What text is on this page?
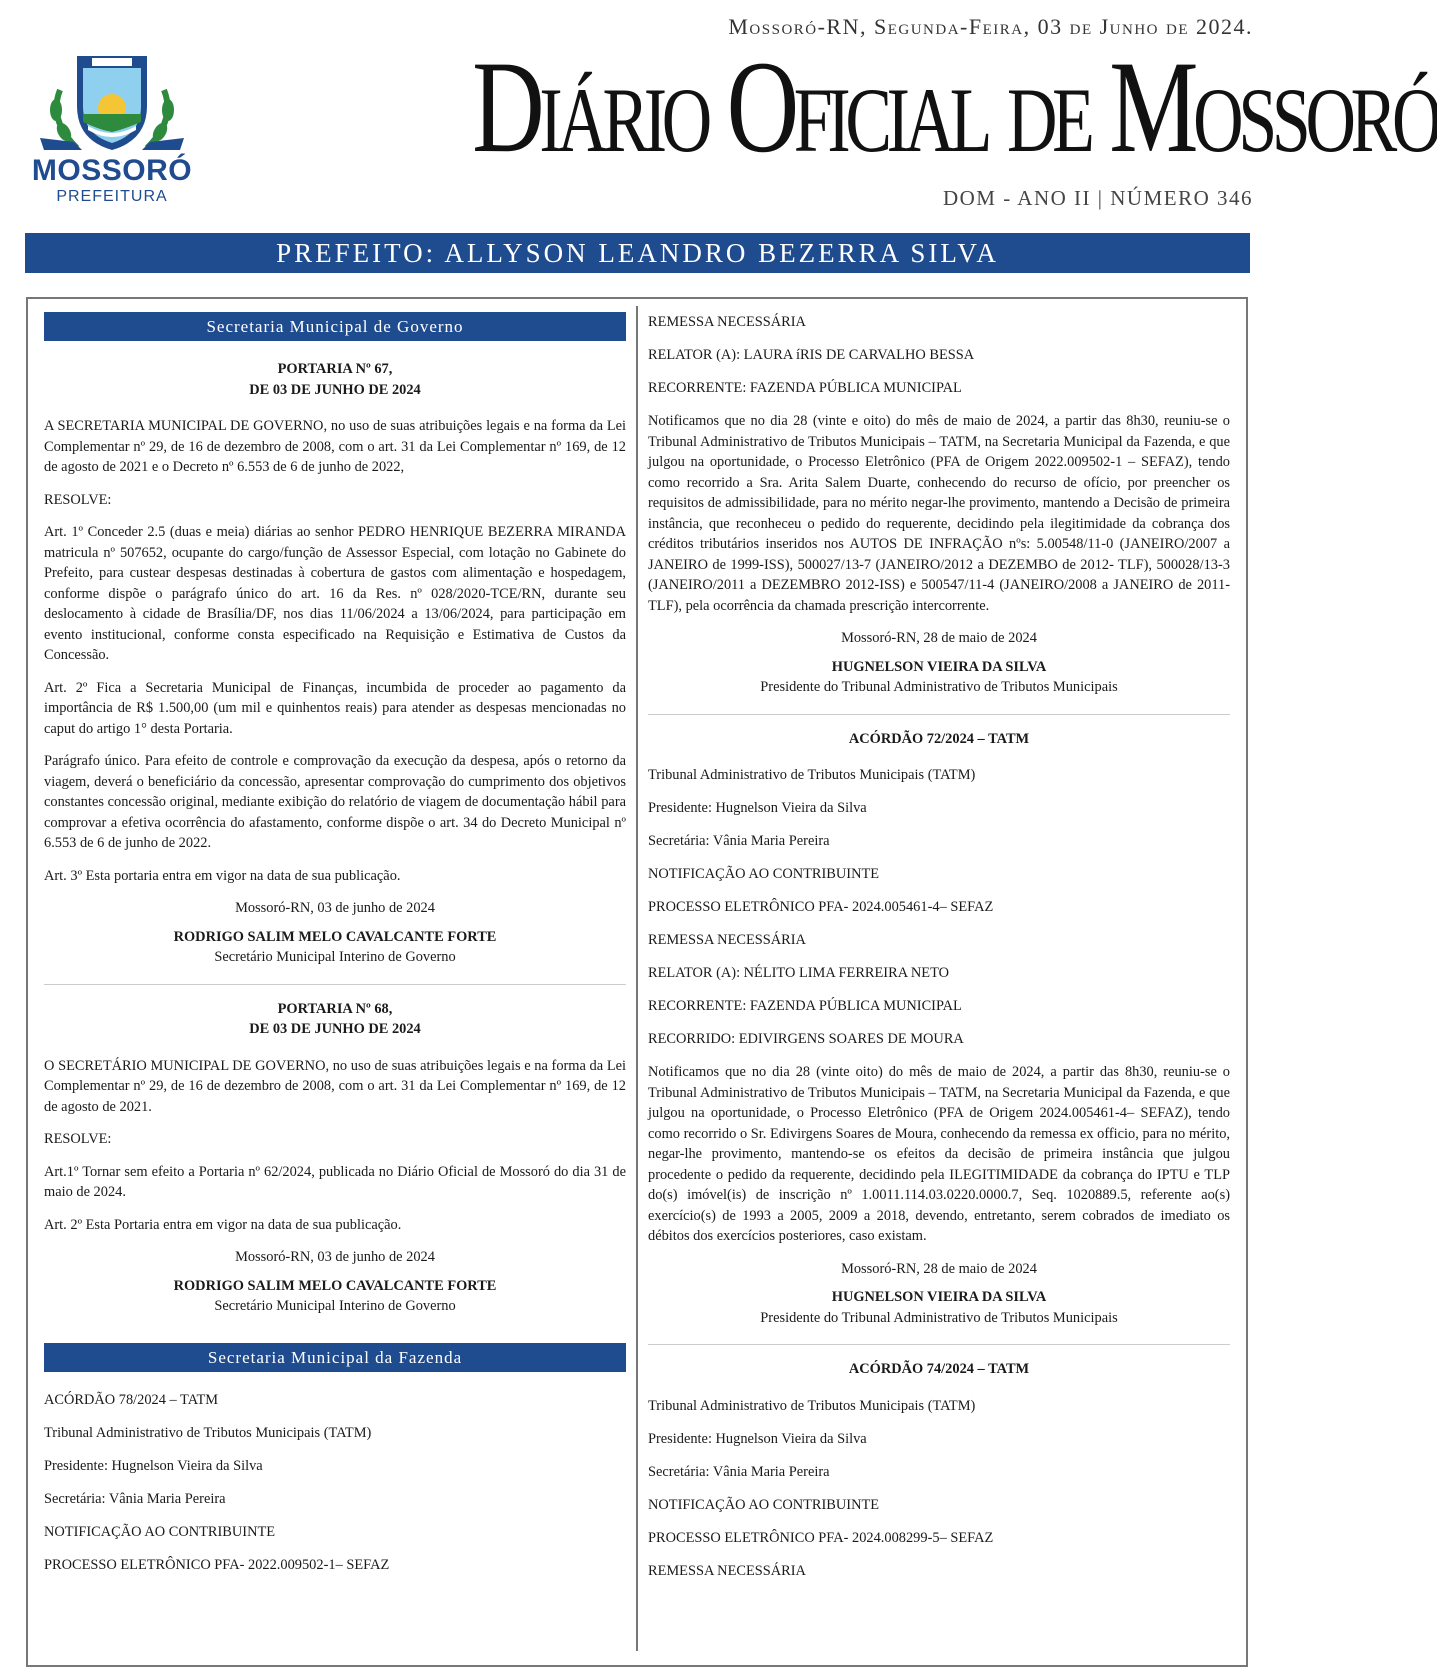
Mossoró-RN, Segunda-Feira, 03 de Junho de 2024.
MOSSORÓ
PREFEITURA
Diário Oficial de Mossoró
DOM - ANO II | NÚMERO 346
PREFEITO: ALLYSON LEANDRO BEZERRA SILVA
Secretaria Municipal de Governo
PORTARIA Nº 67,
DE 03 DE JUNHO DE 2024

A SECRETARIA MUNICIPAL DE GOVERNO, no uso de suas atribuições legais e na forma da Lei Complementar nº 29, de 16 de dezembro de 2008, com o art. 31 da Lei Complementar nº 169, de 12 de agosto de 2021 e o Decreto nº 6.553 de 6 de junho de 2022,

RESOLVE:

Art. 1º Conceder 2.5 (duas e meia) diárias ao senhor PEDRO HENRIQUE BEZERRA MIRANDA matricula nº 507652, ocupante do cargo/função de Assessor Especial, com lotação no Gabinete do Prefeito, para custear despesas destinadas à cobertura de gastos com alimentação e hospedagem, conforme dispõe o parágrafo único do art. 16 da Res. nº 028/2020-TCE/RN, durante seu deslocamento à cidade de Brasília/DF, nos dias 11/06/2024 a 13/06/2024, para participação em evento institucional, conforme consta especificado na Requisição e Estimativa de Custos da Concessão.

Art. 2º Fica a Secretaria Municipal de Finanças, incumbida de proceder ao pagamento da importância de R$ 1.500,00 (um mil e quinhentos reais) para atender as despesas mencionadas no caput do artigo 1° desta Portaria.

Parágrafo único. Para efeito de controle e comprovação da execução da despesa, após o retorno da viagem, deverá o beneficiário da concessão, apresentar comprovação do cumprimento dos objetivos constantes concessão original, mediante exibição do relatório de viagem de documentação hábil para comprovar a efetiva ocorrência do afastamento, conforme dispõe o art. 34 do Decreto Municipal nº 6.553 de 6 de junho de 2022.

Art. 3º Esta portaria entra em vigor na data de sua publicação.

Mossoró-RN, 03 de junho de 2024
RODRIGO SALIM MELO CAVALCANTE FORTE
Secretário Municipal Interino de Governo
PORTARIA Nº 68,
DE 03 DE JUNHO DE 2024

O SECRETÁRIO MUNICIPAL DE GOVERNO, no uso de suas atribuições legais e na forma da Lei Complementar nº 29, de 16 de dezembro de 2008, com o art. 31 da Lei Complementar nº 169, de 12 de agosto de 2021.

RESOLVE:

Art.1º Tornar sem efeito a Portaria nº 62/2024, publicada no Diário Oficial de Mossoró do dia 31 de maio de 2024.

Art. 2º Esta Portaria entra em vigor na data de sua publicação.

Mossoró-RN, 03 de junho de 2024
RODRIGO SALIM MELO CAVALCANTE FORTE
Secretário Municipal Interino de Governo
Secretaria Municipal da Fazenda

ACÓRDÃO 78/2024 – TATM

Tribunal Administrativo de Tributos Municipais (TATM)

Presidente: Hugnelson Vieira da Silva

Secretária: Vânia Maria Pereira

NOTIFICAÇÃO AO CONTRIBUINTE

PROCESSO ELETRÔNICO PFA- 2022.009502-1– SEFAZ

REMESSA NECESSÁRIA

RELATOR (A): LAURA íRIS DE CARVALHO BESSA

RECORRENTE: FAZENDA PÚBLICA MUNICIPAL

Notificamos que no dia 28 (vinte e oito) do mês de maio de 2024, a partir das 8h30, reuniu-se o Tribunal Administrativo de Tributos Municipais – TATM, na Secretaria Municipal da Fazenda, e que julgou na oportunidade, o Processo Eletrônico (PFA de Origem 2022.009502-1 – SEFAZ), tendo como recorrido a Sra. Arita Salem Duarte, conhecendo do recurso de ofício, por preencher os requisitos de admissibilidade, para no mérito negar-lhe provimento, mantendo a Decisão de primeira instância, que reconheceu o pedido do requerente, decidindo pela ilegitimidade da cobrança dos créditos tributários inseridos nos AUTOS DE INFRAÇÃO nºs: 5.00548/11-0 (JANEIRO/2007 a JANEIRO de 1999-ISS), 500027/13-7 (JANEIRO/2012 a DEZEMBO de 2012- TLF), 500028/13-3 (JANEIRO/2011 a DEZEMBRO 2012-ISS) e 500547/11-4 (JANEIRO/2008 a JANEIRO de 2011-TLF), pela ocorrência da chamada prescrição intercorrente.

Mossoró-RN, 28 de maio de 2024
HUGNELSON VIEIRA DA SILVA
Presidente do Tribunal Administrativo de Tributos Municipais
ACÓRDÃO 72/2024 – TATM

Tribunal Administrativo de Tributos Municipais (TATM)

Presidente: Hugnelson Vieira da Silva

Secretária: Vânia Maria Pereira

NOTIFICAÇÃO AO CONTRIBUINTE

PROCESSO ELETRÔNICO PFA- 2024.005461-4– SEFAZ

REMESSA NECESSÁRIA

RELATOR (A): NÉLITO LIMA FERREIRA NETO

RECORRENTE: FAZENDA PÚBLICA MUNICIPAL

RECORRIDO: EDIVIRGENS SOARES DE MOURA

Notificamos que no dia 28 (vinte oito) do mês de maio de 2024, a partir das 8h30, reuniu-se o Tribunal Administrativo de Tributos Municipais – TATM, na Secretaria Municipal da Fazenda, e que julgou na oportunidade, o Processo Eletrônico (PFA de Origem 2024.005461-4– SEFAZ), tendo como recorrido o Sr. Edivirgens Soares de Moura, conhecendo da remessa ex officio, para no mérito, negar-lhe provimento, mantendo-se os efeitos da decisão de primeira instância que julgou procedente o pedido da requerente, decidindo pela ILEGITIMIDADE da cobrança do IPTU e TLP do(s) imóvel(is) de inscrição nº 1.0011.114.03.0220.0000.7, Seq. 1020889.5, referente ao(s) exercício(s) de 1993 a 2005, 2009 a 2018, devendo, entretanto, serem cobrados de imediato os débitos dos exercícios posteriores, caso existam.

Mossoró-RN, 28 de maio de 2024
HUGNELSON VIEIRA DA SILVA
Presidente do Tribunal Administrativo de Tributos Municipais
ACÓRDÃO 74/2024 – TATM

Tribunal Administrativo de Tributos Municipais (TATM)

Presidente: Hugnelson Vieira da Silva

Secretária: Vânia Maria Pereira

NOTIFICAÇÃO AO CONTRIBUINTE

PROCESSO ELETRÔNICO PFA- 2024.008299-5– SEFAZ

REMESSA NECESSÁRIA
